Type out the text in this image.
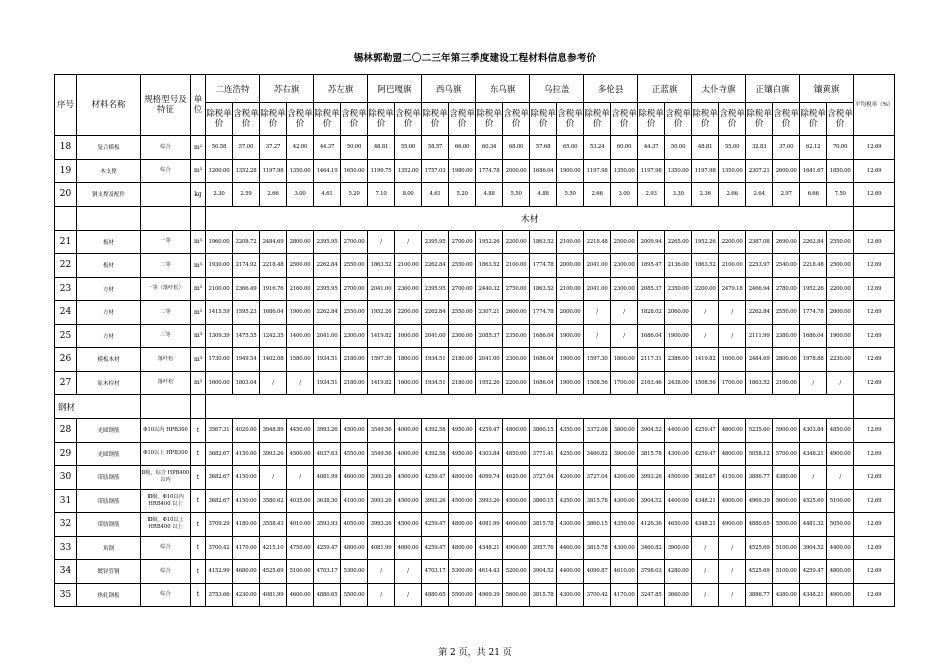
锡林郭勒盟二〇二三年第三季度建设工程材料信息参考价
序号	材料名称	规格型号及特征	单位	二连浩特		苏右旗		苏左旗		阿巴嘎旗		西乌旗		东乌旗		乌拉盖		多伦县		正蓝旗		太仆寺旗		正镶白旗		镶黄旗		平均税率（%）
				除税单价	含税单价	除税单价	含税单价	除税单价	含税单价	除税单价	含税单价	除税单价	含税单价	除税单价	含税单价	除税单价	含税单价	除税单价	含税单价	除税单价	含税单价	除税单价	含税单价	除税单价	含税单价	除税单价	含税单价	
18	复合模板	综合	m²	50.58	57.00	37.27	42.00	44.37	50.00	48.81	55.00	58.57	66.00	60.34	68.00	57.68	65.00	53.24	60.00	44.37	50.00	48.81	55.00	32.83	37.00	62.12	70.00	12.69
19	木支撑	综合	m³	1200.00	1352.28	1197.98	1350.00	1464.19	1650.00	1199.75	1352.00	1757.03	1980.00	1774.78	2000.00	1686.04	1900.00	1197.98	1350.00	1197.98	1350.00	1197.98	1350.00	2307.21	2600.00	1641.67	1850.00	12.69
20	钢支撑及配件		kg	2.30	2.59	2.66	3.00	4.61	5.20	7.10	8.00	4.61	5.20	4.88	5.50	4.88	5.50	2.66	3.00	2.93	3.30	2.36	2.66	2.64	2.97	6.66	7.50	12.69
				木材																								
21	板材	一等	m³	1960.00	2208.72	2484.69	2800.00	2395.95	2700.00	/	/	2395.95	2700.00	1952.26	2200.00	1863.52	2100.00	2218.48	2500.00	2009.94	2265.00	1952.26	2200.00	2387.08	2690.00	2262.84	2550.00	12.69
22	板材	二等	m³	1930.00	2174.92	2218.48	2500.00	2262.84	2550.00	1863.52	2100.00	2262.84	2550.00	1863.52	2100.00	1774.78	2000.00	2041.00	2300.00	1895.47	2136.00	1863.52	2100.00	2253.97	2540.00	2218.48	2500.00	12.69
23	方材	一等（落叶松）	m³	2100.00	2366.49	1916.76	2160.00	2395.95	2700.00	2041.00	2300.00	2395.95	2700.00	2440.32	2750.00	1863.52	2100.00	2041.00	2300.00	2085.37	2350.00	2200.00	2479.18	2466.94	2780.00	1952.26	2200.00	12.69
24	方材	二等	m³	1415.59	1595.23	1686.04	1900.00	2262.84	2550.00	1952.26	2200.00	2262.84	2550.00	2307.21	2600.00	1774.78	2000.00	/	/	1828.02	2060.00	/	/	2262.84	2550.00	1774.78	2000.00	12.69
25	方材	三等	m³	1309.39	1475.55	1242.35	1400.00	2041.00	2300.00	1419.82	1600.00	2041.00	2300.00	2085.37	2350.00	1686.04	1900.00	/	/	1686.04	1900.00	/	/	2111.99	2380.00	1686.04	1900.00	12.69
26	模板木材	落叶松	m³	1730.00	1949.54	1402.08	1580.00	1934.51	2180.00	1597.30	1800.00	1934.51	2180.00	2041.00	2300.00	1686.04	1900.00	1597.30	1800.00	2117.31	2386.00	1419.82	1600.00	2484.69	2800.00	1978.88	2230.00	12.69
27	原木栓材	落叶松	m³	1600.00	1803.04	/	/	1934.51	2180.00	1419.82	1600.00	1934.51	2180.00	1952.26	2200.00	1686.04	1900.00	1508.56	1700.00	2163.46	2438.00	1508.56	1700.00	1863.52	2100.00	/	/	12.69
钢材																												
28	光圆钢筋	Φ10以内 HPB300	t	3567.31	4020.00	3948.89	4450.00	3993.26	4500.00	3549.56	4000.00	4392.58	4950.00	4259.47	4800.00	3860.15	4350.00	3372.08	3800.00	3904.52	4400.00	4259.47	4800.00	5235.60	5900.00	4303.84	4850.00	12.69
29	光圆钢筋	Φ10以上 HPB300	t	3682.67	4150.00	3993.26	4500.00	4037.63	4550.00	3549.56	4000.00	4392.58	4950.00	4303.84	4850.00	3771.41	4250.00	3460.82	3900.00	3815.78	4300.00	4259.47	4800.00	5058.12	5700.00	4348.21	4900.00	12.69
30	带肋钢筋	Ⅱ级，综合 HPB400以内	t	3682.67	4150.00	/	/	4081.99	4600.00	3993.26	4500.00	4259.47	4800.00	4099.74	4620.00	3727.04	4200.00	3727.04	4200.00	3993.26	4500.00	3682.67	4150.00	3886.77	4380.00	/	/	12.69
31	带肋钢筋	Ⅲ级，Φ10以内 HRB400 以上	t	3682.67	4150.00	3580.62	4035.00	3638.30	4100.00	3993.26	4500.00	3993.26	4500.00	3993.26	4500.00	3860.15	4350.00	3815.78	4300.00	3904.52	4400.00	4348.21	4900.00	4969.39	5600.00	4525.69	5100.00	12.69
32	带肋钢筋	Ⅲ级，Φ10以上 HRB400 以上	t	3709.29	4180.00	3558.43	4010.00	3593.93	4050.00	3993.26	4500.00	4259.47	4800.00	4081.99	4600.00	3815.78	4300.00	3860.15	4350.00	4126.36	4650.00	4348.21	4900.00	4880.65	5500.00	4481.32	5050.00	12.69
33	角钢	综合	t	3700.42	4170.00	4215.10	4750.00	4259.47	4800.00	4081.99	4600.00	4259.47	4800.00	4348.21	4900.00	3957.76	4460.00	3815.78	4300.00	3460.82	3900.00	/	/	4525.69	5100.00	3904.52	4400.00	12.69
34	镀锌管钢	综合	t	4152.99	4680.00	4525.69	5100.00	4703.17	5300.00	/	/	4703.17	5300.00	4614.43	5200.00	3904.52	4400.00	4090.87	4610.00	3798.03	4280.00	/	/	4525.69	5100.00	4259.47	4800.00	12.69
35	热轧钢板	综合	t	3753.66	4230.00	4081.99	4600.00	4880.65	5500.00	/	/	4880.65	5500.00	4969.39	5600.00	3815.78	4300.00	3700.42	4170.00	3247.85	3660.00	/	/	3886.77	4380.00	4348.21	4900.00	12.69
第 2 页，共 21 页
